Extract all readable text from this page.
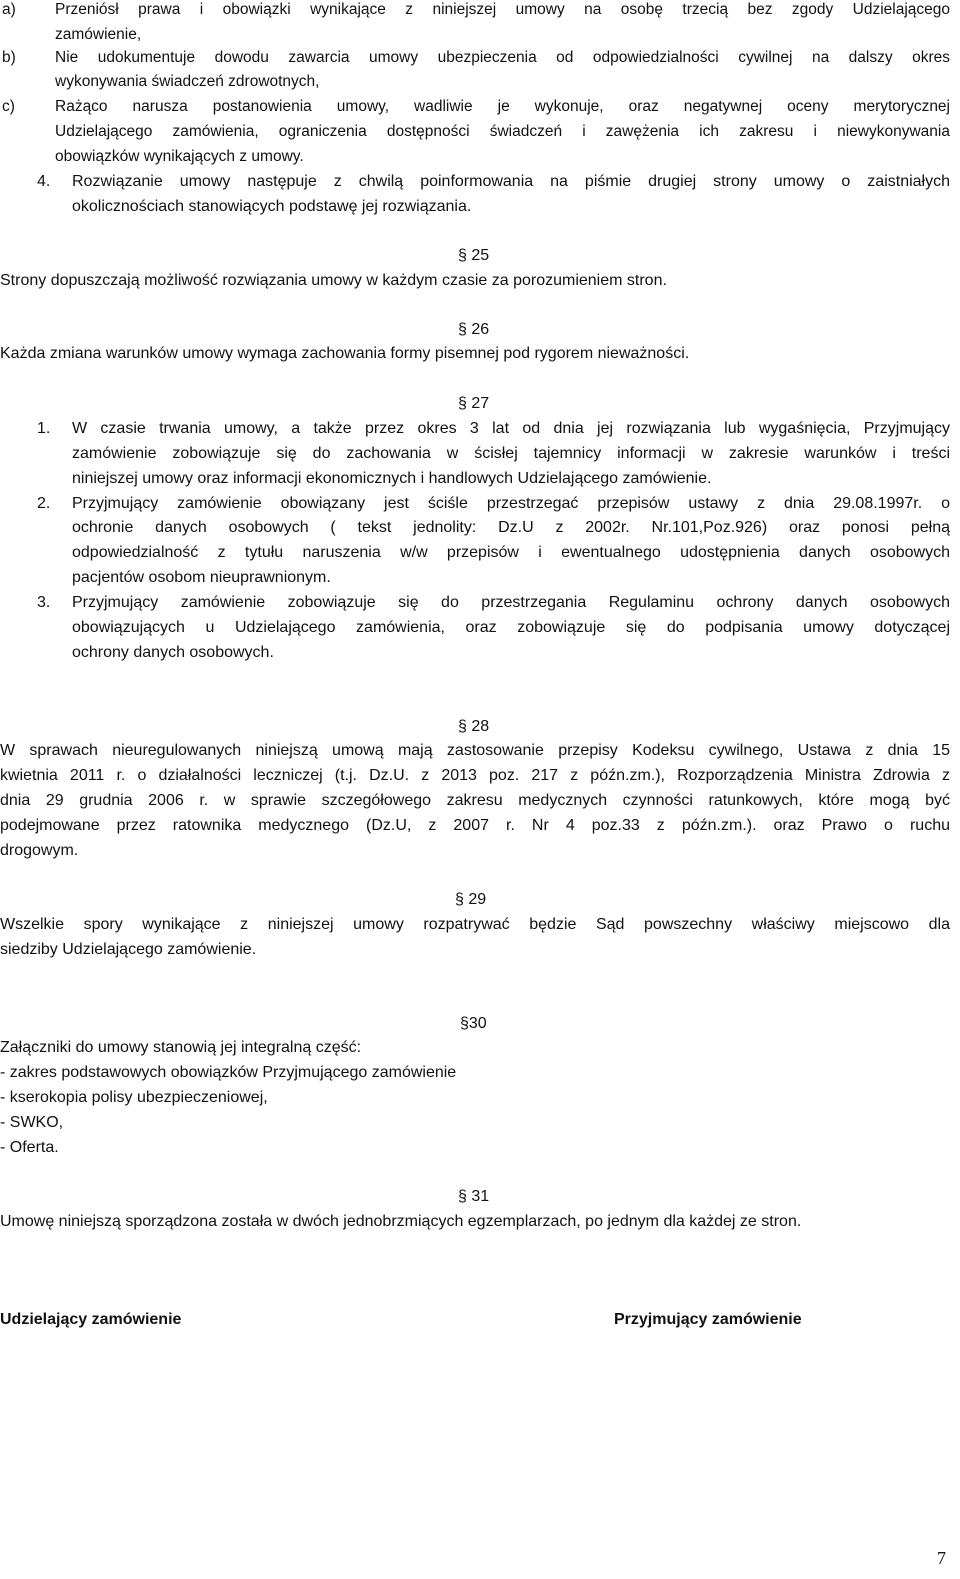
a)	Przeniósł prawa i obowiązki wynikające z niniejszej umowy na osobę trzecią bez zgody Udzielającego
zamówienie,
b)	Nie udokumentuje dowodu zawarcia umowy ubezpieczenia od odpowiedzialności cywilnej na dalszy okres
wykonywania świadczeń zdrowotnych,
c)	Rażąco narusza postanowienia umowy, wadliwie je wykonuje, oraz negatywnej oceny merytorycznej
Udzielającego zamówienia, ograniczenia dostępności świadczeń i zawężenia ich zakresu i niewykonywania
obowiązków wynikających z umowy.
4. Rozwiązanie umowy następuje z chwilą poinformowania na piśmie drugiej strony umowy o zaistniałych
okolicznościach stanowiących podstawę jej rozwiązania.
§ 25
Strony dopuszczają możliwość rozwiązania umowy w każdym czasie za porozumieniem stron.
§ 26
Każda zmiana warunków umowy wymaga zachowania formy pisemnej pod rygorem nieważności.
§ 27
1. W czasie trwania umowy, a także przez okres 3 lat od dnia jej rozwiązania lub wygaśnięcia, Przyjmujący
zamówienie zobowiązuje się do zachowania w ścisłej tajemnicy informacji w zakresie warunków i treści
niniejszej umowy oraz informacji ekonomicznych i handlowych Udzielającego zamówienie.
2. Przyjmujący zamówienie obowiązany jest ściśle przestrzegać przepisów ustawy z dnia 29.08.1997r. o
ochronie danych osobowych ( tekst jednolity: Dz.U z 2002r. Nr.101,Poz.926) oraz ponosi pełną
odpowiedzialność z tytułu naruszenia w/w przepisów i ewentualnego udostępnienia danych osobowych
pacjentów osobom nieuprawnionym.
3. Przyjmujący zamówienie zobowiązuje się do przestrzegania Regulaminu ochrony danych osobowych
obowiązujących u Udzielającego zamówienia, oraz zobowiązuje się do podpisania umowy dotyczącej
ochrony danych osobowych.
§ 28
W sprawach nieuregulowanych niniejszą umową mają zastosowanie przepisy Kodeksu cywilnego, Ustawa z dnia 15
kwietnia 2011 r. o działalności leczniczej (t.j. Dz.U. z 2013 poz. 217 z późn.zm.), Rozporządzenia Ministra Zdrowia z
dnia 29 grudnia 2006 r. w sprawie szczegółowego zakresu medycznych czynności ratunkowych, które mogą być
podejmowane przez ratownika medycznego (Dz.U, z 2007 r. Nr 4 poz.33 z późn.zm.). oraz Prawo o ruchu
drogowym.
§ 29
Wszelkie spory wynikające z niniejszej umowy rozpatrywać będzie Sąd powszechny właściwy miejscowo dla
siedziby Udzielającego zamówienie.
§30
Załączniki do umowy stanowią jej integralną część:
- zakres podstawowych obowiązków Przyjmującego zamówienie
- kserokopia polisy ubezpieczeniowej,
- SWKO,
- Oferta.
§ 31
Umowę niniejszą sporządzona została w dwóch jednobrzmiących egzemplarzach, po jednym dla każdej ze stron.
Udzielający zamówienie	Przyjmujący zamówienie
7
